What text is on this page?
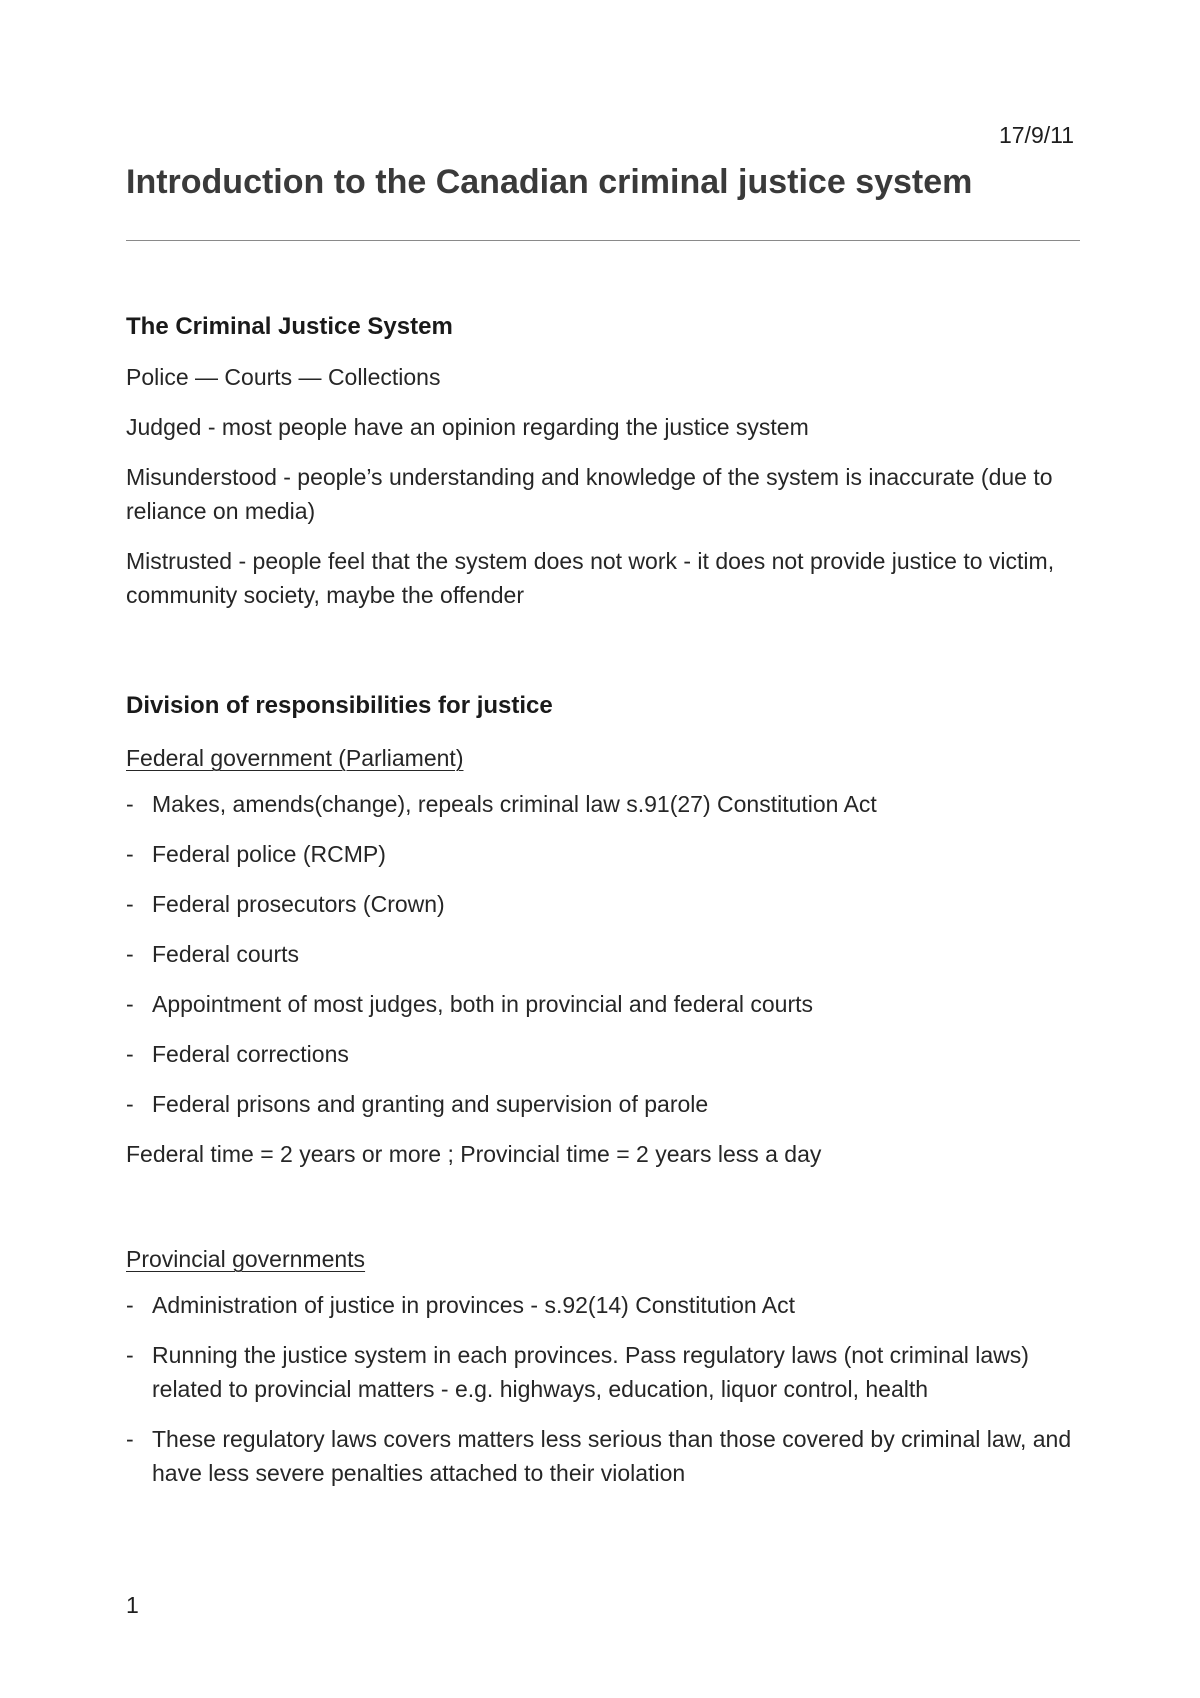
17/9/11
Introduction to the Canadian criminal justice system
The Criminal Justice System

Police — Courts — Collections

Judged - most people have an opinion regarding the justice system

Misunderstood - people’s understanding and knowledge of the system is inaccurate (due to reliance on media)

Mistrusted - people feel that the system does not work - it does not provide justice to victim, community society, maybe the offender

Division of responsibilities for justice

Federal government (Parliament)

- Makes, amends(change), repeals criminal law s.91(27) Constitution Act
- Federal police (RCMP)
- Federal prosecutors (Crown)
- Federal courts
- Appointment of most judges, both in provincial and federal courts
- Federal corrections
- Federal prisons and granting and supervision of parole

Federal time = 2 years or more ; Provincial time = 2 years less a day

Provincial governments

- Administration of justice in provinces - s.92(14) Constitution Act
- Running the justice system in each provinces. Pass regulatory laws (not criminal laws) related to provincial matters - e.g. highways, education, liquor control, health
- These regulatory laws covers matters less serious than those covered by criminal law, and have less severe penalties attached to their violation
1
